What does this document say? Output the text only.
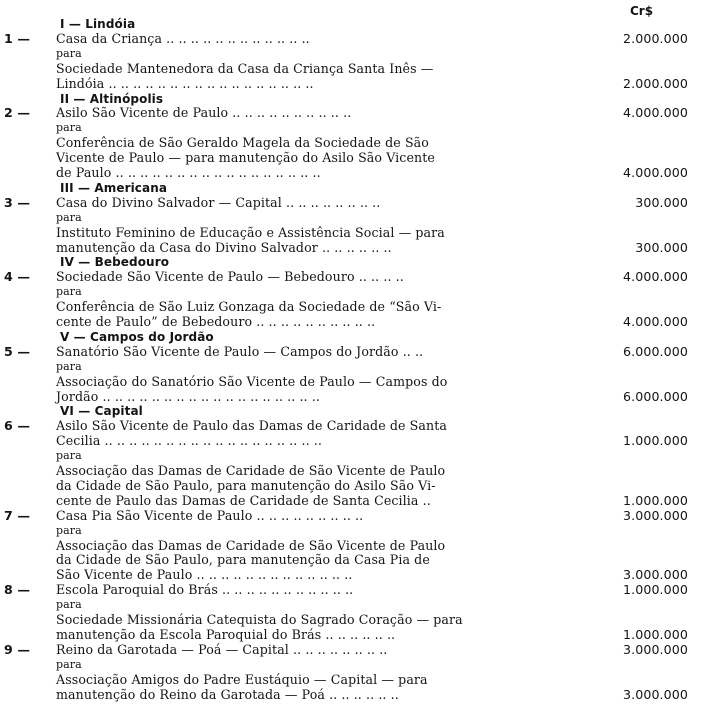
Cr$
I — Lindóia
1 — Casa da Criança .. .. .. .. .. .. .. .. .. .. .. ..	2.000.000
para
Sociedade Mantenedora da Casa da Criança Santa Inês —
Lindóia .. .. .. .. .. .. .. .. .. .. .. .. .. .. .. .. ..	2.000.000
II — Altinópolis
2 — Asilo São Vicente de Paulo .. .. .. .. .. .. .. .. .. ..	4.000.000
para
Conferência de São Geraldo Magela da Sociedade de São
Vicente de Paulo — para manutenção do Asilo São Vicente
de Paulo .. .. .. .. .. .. .. .. .. .. .. .. .. .. .. .. ..	4.000.000
III — Americana
3 — Casa do Divino Salvador — Capital .. .. .. .. .. .. .. ..	300.000
para
Instituto Feminino de Educação e Assistência Social — para
manutenção da Casa do Divino Salvador .. .. .. .. .. ..	300.000
IV — Bebedouro
4 — Sociedade São Vicente de Paulo — Bebedouro .. .. .. ..	4.000.000
para
Conferência de São Luiz Gonzaga da Sociedade de “São Vi-
cente de Paulo” de Bebedouro .. .. .. .. .. .. .. .. .. ..	4.000.000
V — Campos do Jordão
5 — Sanatório São Vicente de Paulo — Campos do Jordão .. ..	6.000.000
para
Associação do Sanatório São Vicente de Paulo — Campos do
Jordão .. .. .. .. .. .. .. .. .. .. .. .. .. .. .. .. .. ..	6.000.000
VI — Capital
6 — Asilo São Vicente de Paulo das Damas de Caridade de Santa
Cecilia .. .. .. .. .. .. .. .. .. .. .. .. .. .. .. .. .. ..	1.000.000
para
Associação das Damas de Caridade de São Vicente de Paulo
da Cidade de São Paulo, para manutenção do Asilo São Vi-
cente de Paulo das Damas de Caridade de Santa Cecilia ..	1.000.000
7 — Casa Pia São Vicente de Paulo .. .. .. .. .. .. .. .. ..	3.000.000
para
Associação das Damas de Caridade de São Vicente de Paulo
da Cidade de São Paulo, para manutenção da Casa Pia de
São Vicente de Paulo .. .. .. .. .. .. .. .. .. .. .. .. ..	3.000.000
8 — Escola Paroquial do Brás .. .. .. .. .. .. .. .. .. .. ..	1.000.000
para
Sociedade Missionária Catequista do Sagrado Coração — para
manutenção da Escola Paroquial do Brás .. .. .. .. .. ..	1.000.000
9 — Reino da Garotada — Poá — Capital .. .. .. .. .. .. .. ..	3.000.000
para
Associação Amigos do Padre Eustáquio — Capital — para
manutenção do Reino da Garotada — Poá .. .. .. .. .. ..	3.000.000
